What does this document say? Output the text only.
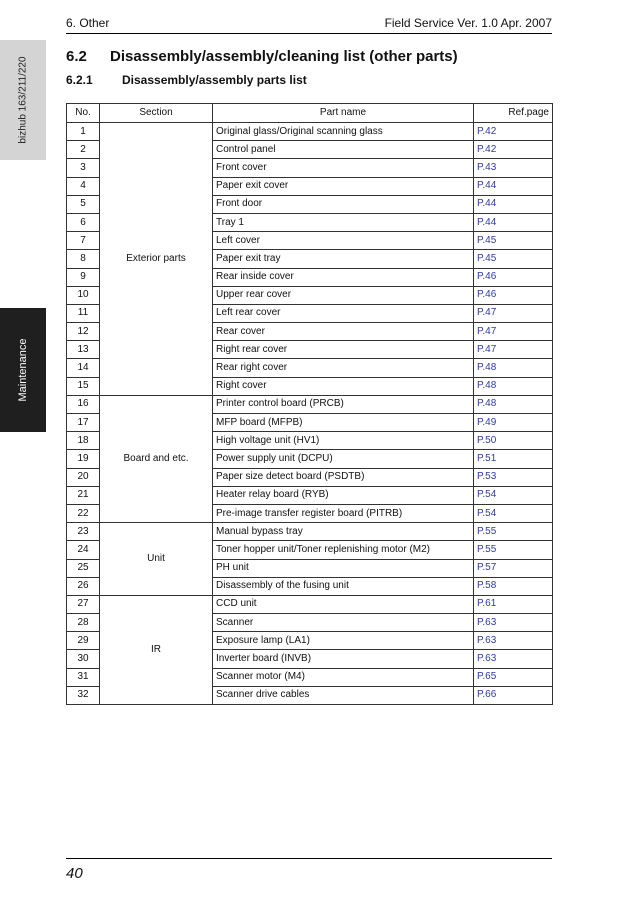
6. Other	Field Service Ver. 1.0 Apr. 2007
bizhub 163/211/220
Maintenance
6.2 Disassembly/assembly/cleaning list (other parts)
6.2.1 Disassembly/assembly parts list
No.	Section	Part name	Ref.page
1	Exterior parts	Original glass/Original scanning glass	P.42
2		Control panel	P.42
3		Front cover	P.43
4		Paper exit cover	P.44
5		Front door	P.44
6		Tray 1	P.44
7		Left cover	P.45
8		Paper exit tray	P.45
9		Rear inside cover	P.46
10		Upper rear cover	P.46
11		Left rear cover	P.47
12		Rear cover	P.47
13		Right rear cover	P.47
14		Rear right cover	P.48
15		Right cover	P.48
16	Board and etc.	Printer control board (PRCB)	P.48
17		MFP board (MFPB)	P.49
18		High voltage unit (HV1)	P.50
19		Power supply unit (DCPU)	P.51
20		Paper size detect board (PSDTB)	P.53
21		Heater relay board (RYB)	P.54
22		Pre-image transfer register board (PITRB)	P.54
23	Unit	Manual bypass tray	P.55
24		Toner hopper unit/Toner replenishing motor (M2)	P.55
25		PH unit	P.57
26		Disassembly of the fusing unit	P.58
27	IR	CCD unit	P.61
28		Scanner	P.63
29		Exposure lamp (LA1)	P.63
30		Inverter board (INVB)	P.63
31		Scanner motor (M4)	P.65
32		Scanner drive cables	P.66
40
